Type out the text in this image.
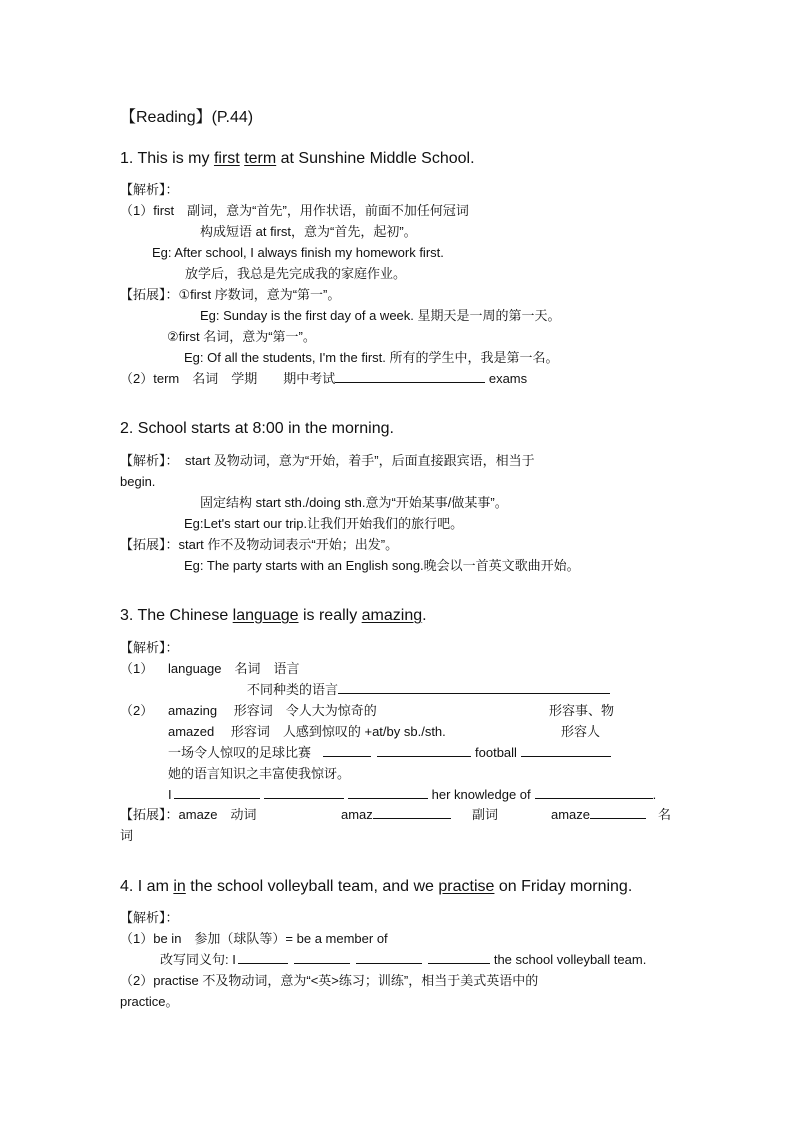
【Reading】(P.44)
1. This is my first term at Sunshine Middle School.
【解析】：
（1）first　副词，意为“首先”，用作状语，前面不加任何冠词
构成短语 at first，意为“首先，起初”。
Eg: After school, I always finish my homework first.
放学后，我总是先完成我的家庭作业。
【拓展】：①first 序数词，意为“第一”。
Eg: Sunday is the first day of a week. 星期天是一周的第一天。
②first 名词，意为“第一”。
Eg: Of all the students, I'm the first. 所有的学生中，我是第一名。
（2）term　名词　学期　　期中考试	exams
2. School starts at 8:00 in the morning.
【解析】：　start 及物动词，意为“开始，着手”，后面直接跟宾语，相当于
begin.
固定结构 start sth./doing sth.意为“开始某事/做某事”。
Eg:Let's start our trip.让我们开始我们的旅行吧。
【拓展】：start 作不及物动词表示“开始；出发”。
Eg: The party starts with an English song.晚会以一首英文歌曲开始。
3. The Chinese language is really amazing.
【解析】：
（1） language　名词　语言
不同种类的语言
（2） amazing　 形容词　令人大为惊奇的	形容事、物
amazed　 形容词　人感到惊叹的 +at/by sb./sth.	形容人
一场令人惊叹的足球比赛	football
她的语言知识之丰富使我惊讶。
I	her knowledge of	.
【拓展】：amaze　动词	amaz	副词	amaze	名
词
4. I am in the school volleyball team, and we practise on Friday morning.
【解析】：
（1）be in　参加（球队等）= be a member of
改写同义句: I	the school volleyball team.
（2）practise 不及物动词，意为“<英>练习；训练”，相当于美式英语中的
practice。
